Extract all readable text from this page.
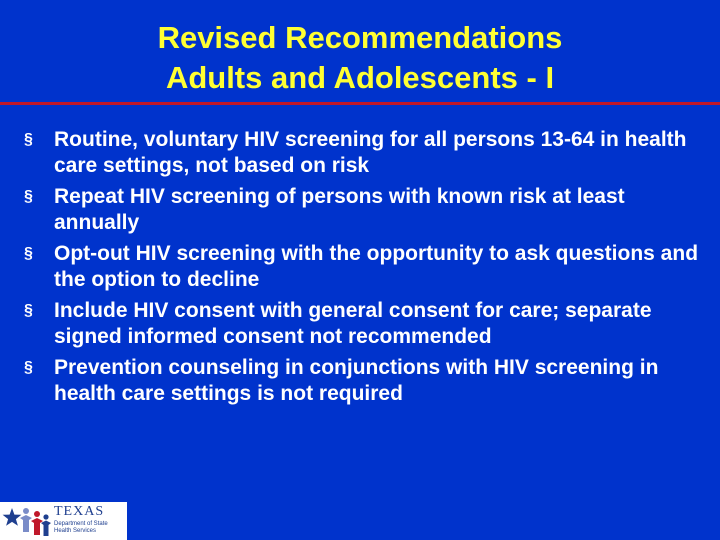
Revised Recommendations
Adults and Adolescents - I
§	Routine, voluntary HIV screening for all persons 13-64 in health care settings, not based on risk
§	Repeat HIV screening of persons with known risk at least annually
§	Opt-out HIV screening with the opportunity to ask questions and the option to decline
§	Include HIV consent with general consent for care; separate signed informed consent not recommended
§	Prevention counseling in conjunctions with HIV screening in health care settings is not required
TEXAS
Department of State Health Services
